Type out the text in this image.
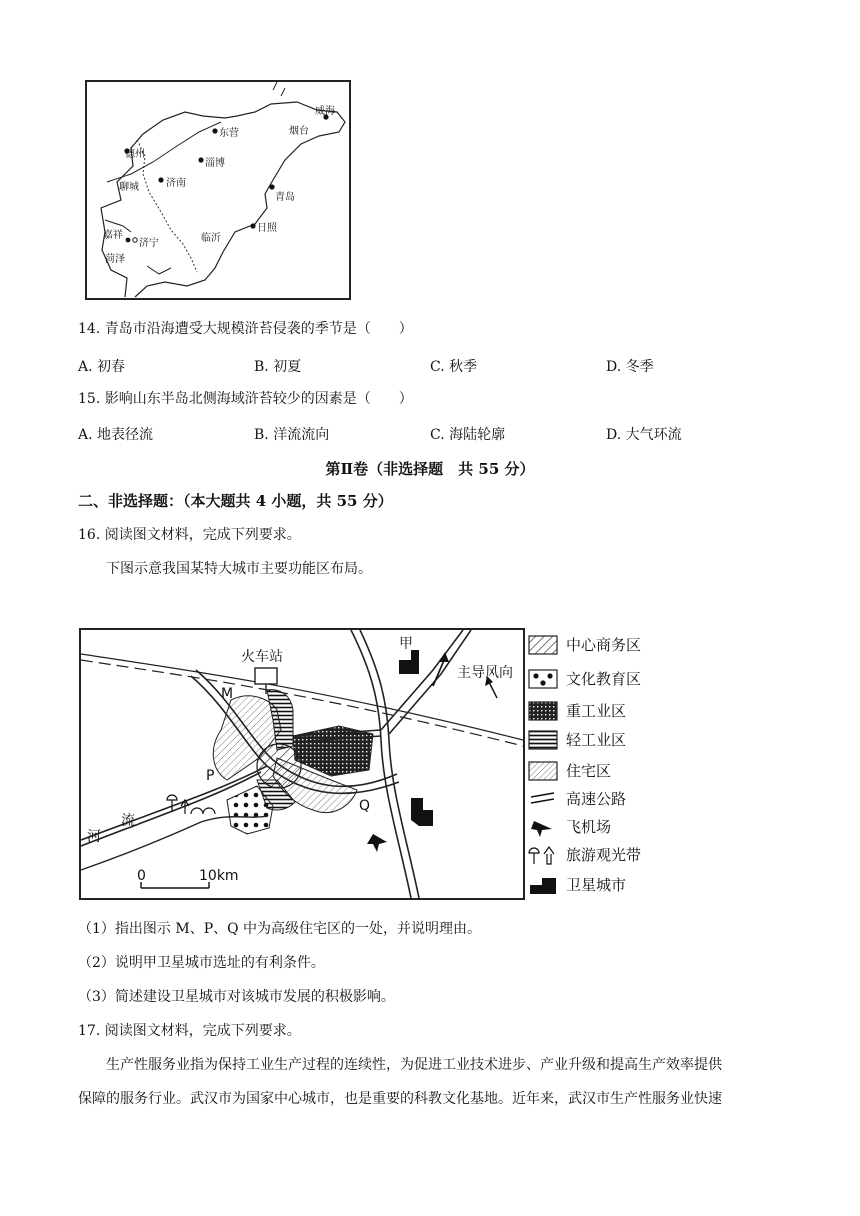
威海
烟台
东营
德州
淄博
聊城	济南
青岛
日照
嘉祥
济宁	临沂
菏泽
14. 青岛市沿海遭受大规模浒苔侵袭的季节是（　　）
A. 初春	B. 初夏	C. 秋季	D. 冬季
15. 影响山东半岛北侧海域浒苔较少的因素是（　　）
A. 地表径流	B. 洋流流向	C. 海陆轮廓	D. 大气环流
第Ⅱ卷（非选择题　共 55 分）
二、非选择题：（本大题共 4 小题，共 55 分）
16. 阅读图文材料，完成下列要求。
下图示意我国某特大城市主要功能区布局。
火车站
甲
主导风向
M
P
Q
河
流
0	10km
中心商务区
文化教育区
重工业区
轻工业区
住宅区
高速公路
飞机场
旅游观光带
卫星城市
（1）指出图示 M、P、Q 中为高级住宅区的一处，并说明理由。
（2）说明甲卫星城市选址的有利条件。
（3）简述建设卫星城市对该城市发展的积极影响。
17. 阅读图文材料，完成下列要求。
生产性服务业指为保持工业生产过程的连续性，为促进工业技术进步、产业升级和提高生产效率提供
保障的服务行业。武汉市为国家中心城市，也是重要的科教文化基地。近年来，武汉市生产性服务业快速
